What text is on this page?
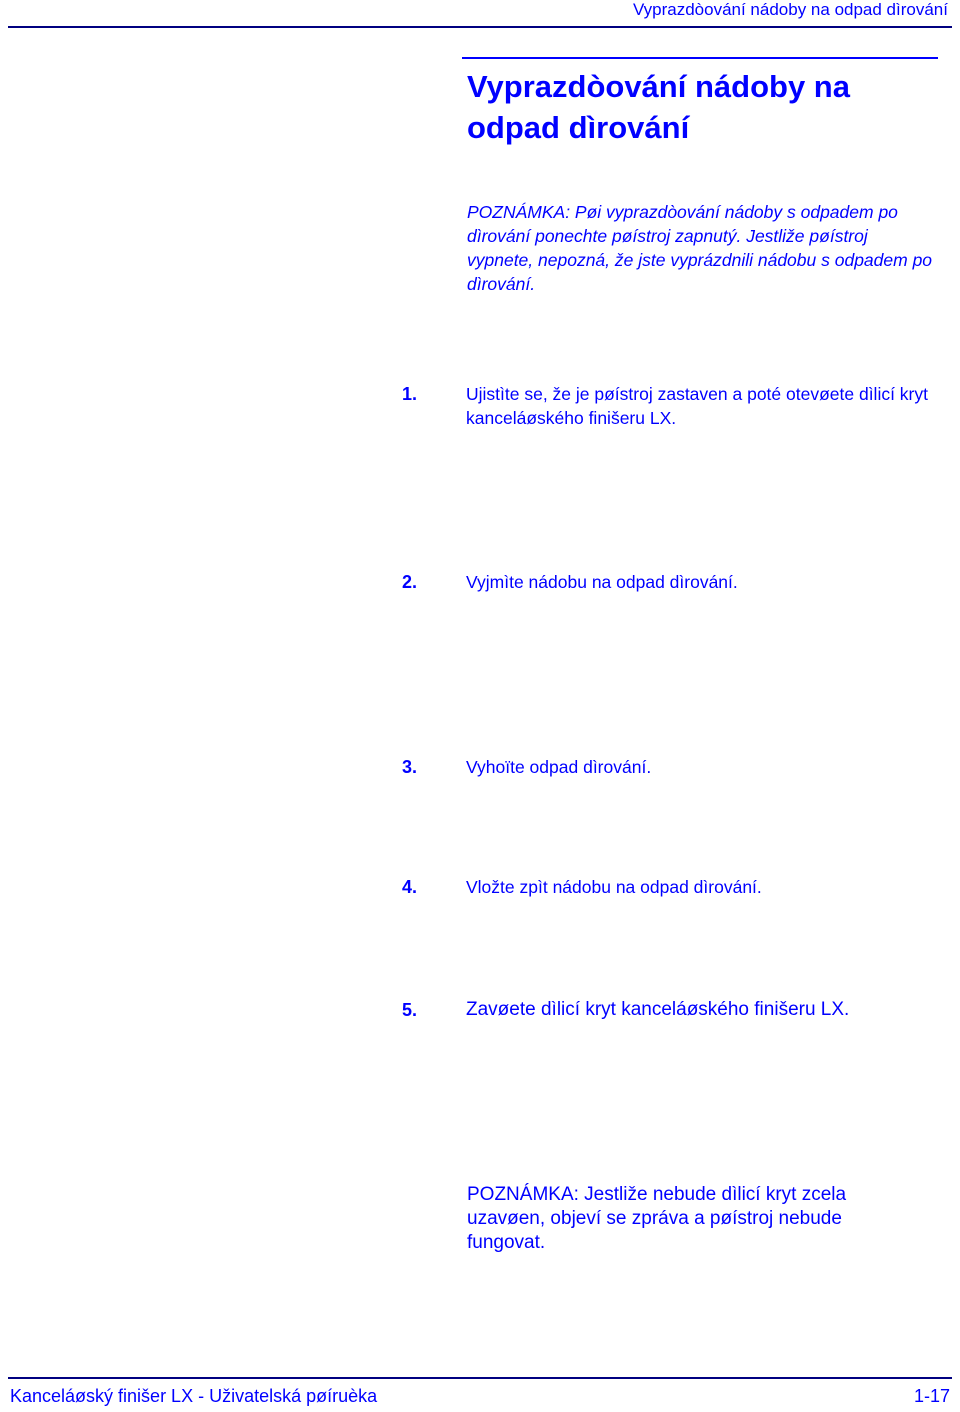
Vyprazdòování nádoby na odpad dìrování
Vyprazdòování nádoby na odpad dìrování

POZNÁMKA: Pøi vyprazdòování nádoby s odpadem po dìrování ponechte pøístroj zapnutý. Jestliže pøístroj vypnete, nepozná, že jste vyprázdnili nádobu s odpadem po dìrování.

1.	Ujistìte se, že je pøístroj zastaven a poté otevøete dìlicí kryt kanceláøského finišeru LX.
2.	Vyjmìte nádobu na odpad dìrování.
3.	Vyhoïte odpad dìrování.
4.	Vložte zpìt nádobu na odpad dìrování.
5.	Zavøete dìlicí kryt kanceláøského finišeru LX.

POZNÁMKA: Jestliže nebude dìlicí kryt zcela uzavøen, objeví se zpráva a pøístroj nebude fungovat.

Kanceláøský finišer LX - Uživatelská pøíruèka	1-17
